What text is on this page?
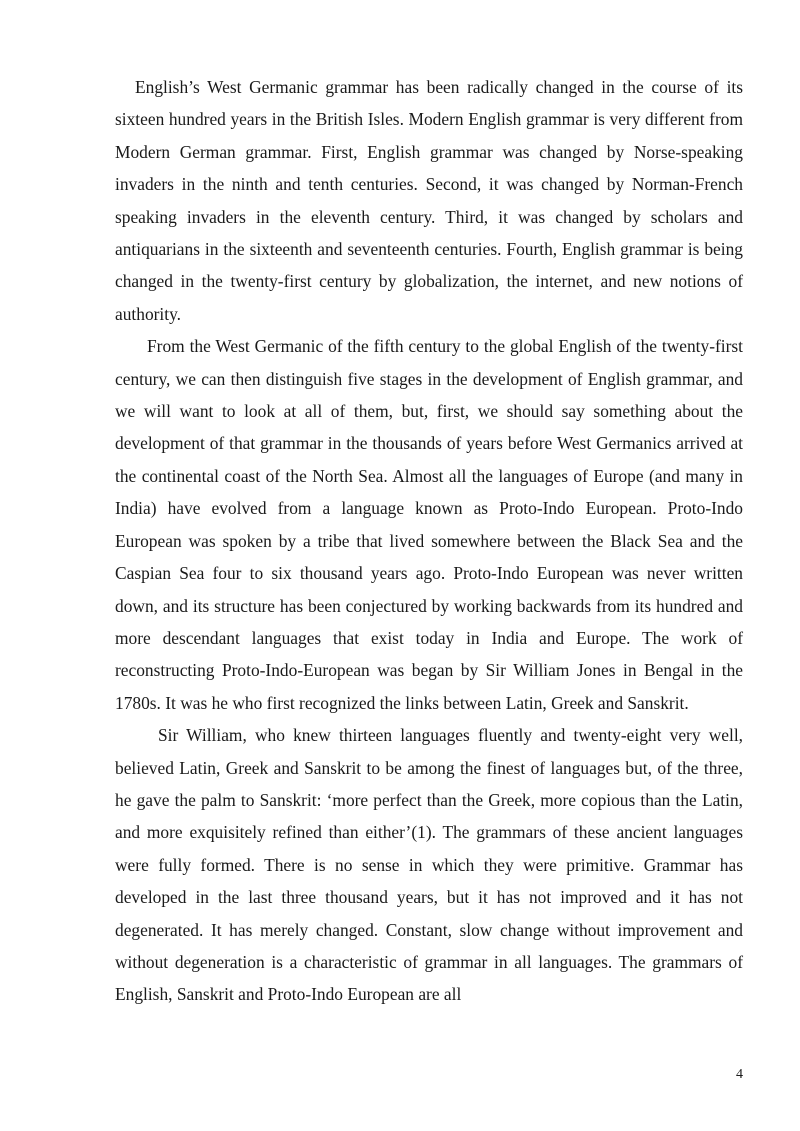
English’s West Germanic grammar has been radically changed in the course of its sixteen hundred years in the British Isles. Modern English grammar is very different from Modern German grammar. First, English grammar was changed by Norse-speaking invaders in the ninth and tenth centuries. Second, it was changed by Norman-French speaking invaders in the eleventh century. Third, it was changed by scholars and antiquarians in the sixteenth and seventeenth centuries. Fourth, English grammar is being changed in the twenty-first century by globalization, the internet, and new notions of authority.

From the West Germanic of the fifth century to the global English of the twenty-first century, we can then distinguish five stages in the development of English grammar, and we will want to look at all of them, but, first, we should say something about the development of that grammar in the thousands of years before West Germanics arrived at the continental coast of the North Sea. Almost all the languages of Europe (and many in India) have evolved from a language known as Proto-Indo European. Proto-Indo European was spoken by a tribe that lived somewhere between the Black Sea and the Caspian Sea four to six thousand years ago. Proto-Indo European was never written down, and its structure has been conjectured by working backwards from its hundred and more descendant languages that exist today in India and Europe. The work of reconstructing Proto-Indo-European was began by Sir William Jones in Bengal in the 1780s. It was he who first recognized the links between Latin, Greek and Sanskrit.

Sir William, who knew thirteen languages fluently and twenty-eight very well, believed Latin, Greek and Sanskrit to be among the finest of languages but, of the three, he gave the palm to Sanskrit: ‘more perfect than the Greek, more copious than the Latin, and more exquisitely refined than either’(1). The grammars of these ancient languages were fully formed. There is no sense in which they were primitive. Grammar has developed in the last three thousand years, but it has not improved and it has not degenerated. It has merely changed. Constant, slow change without improvement and without degeneration is a characteristic of grammar in all languages. The grammars of English, Sanskrit and Proto-Indo European are all

4
